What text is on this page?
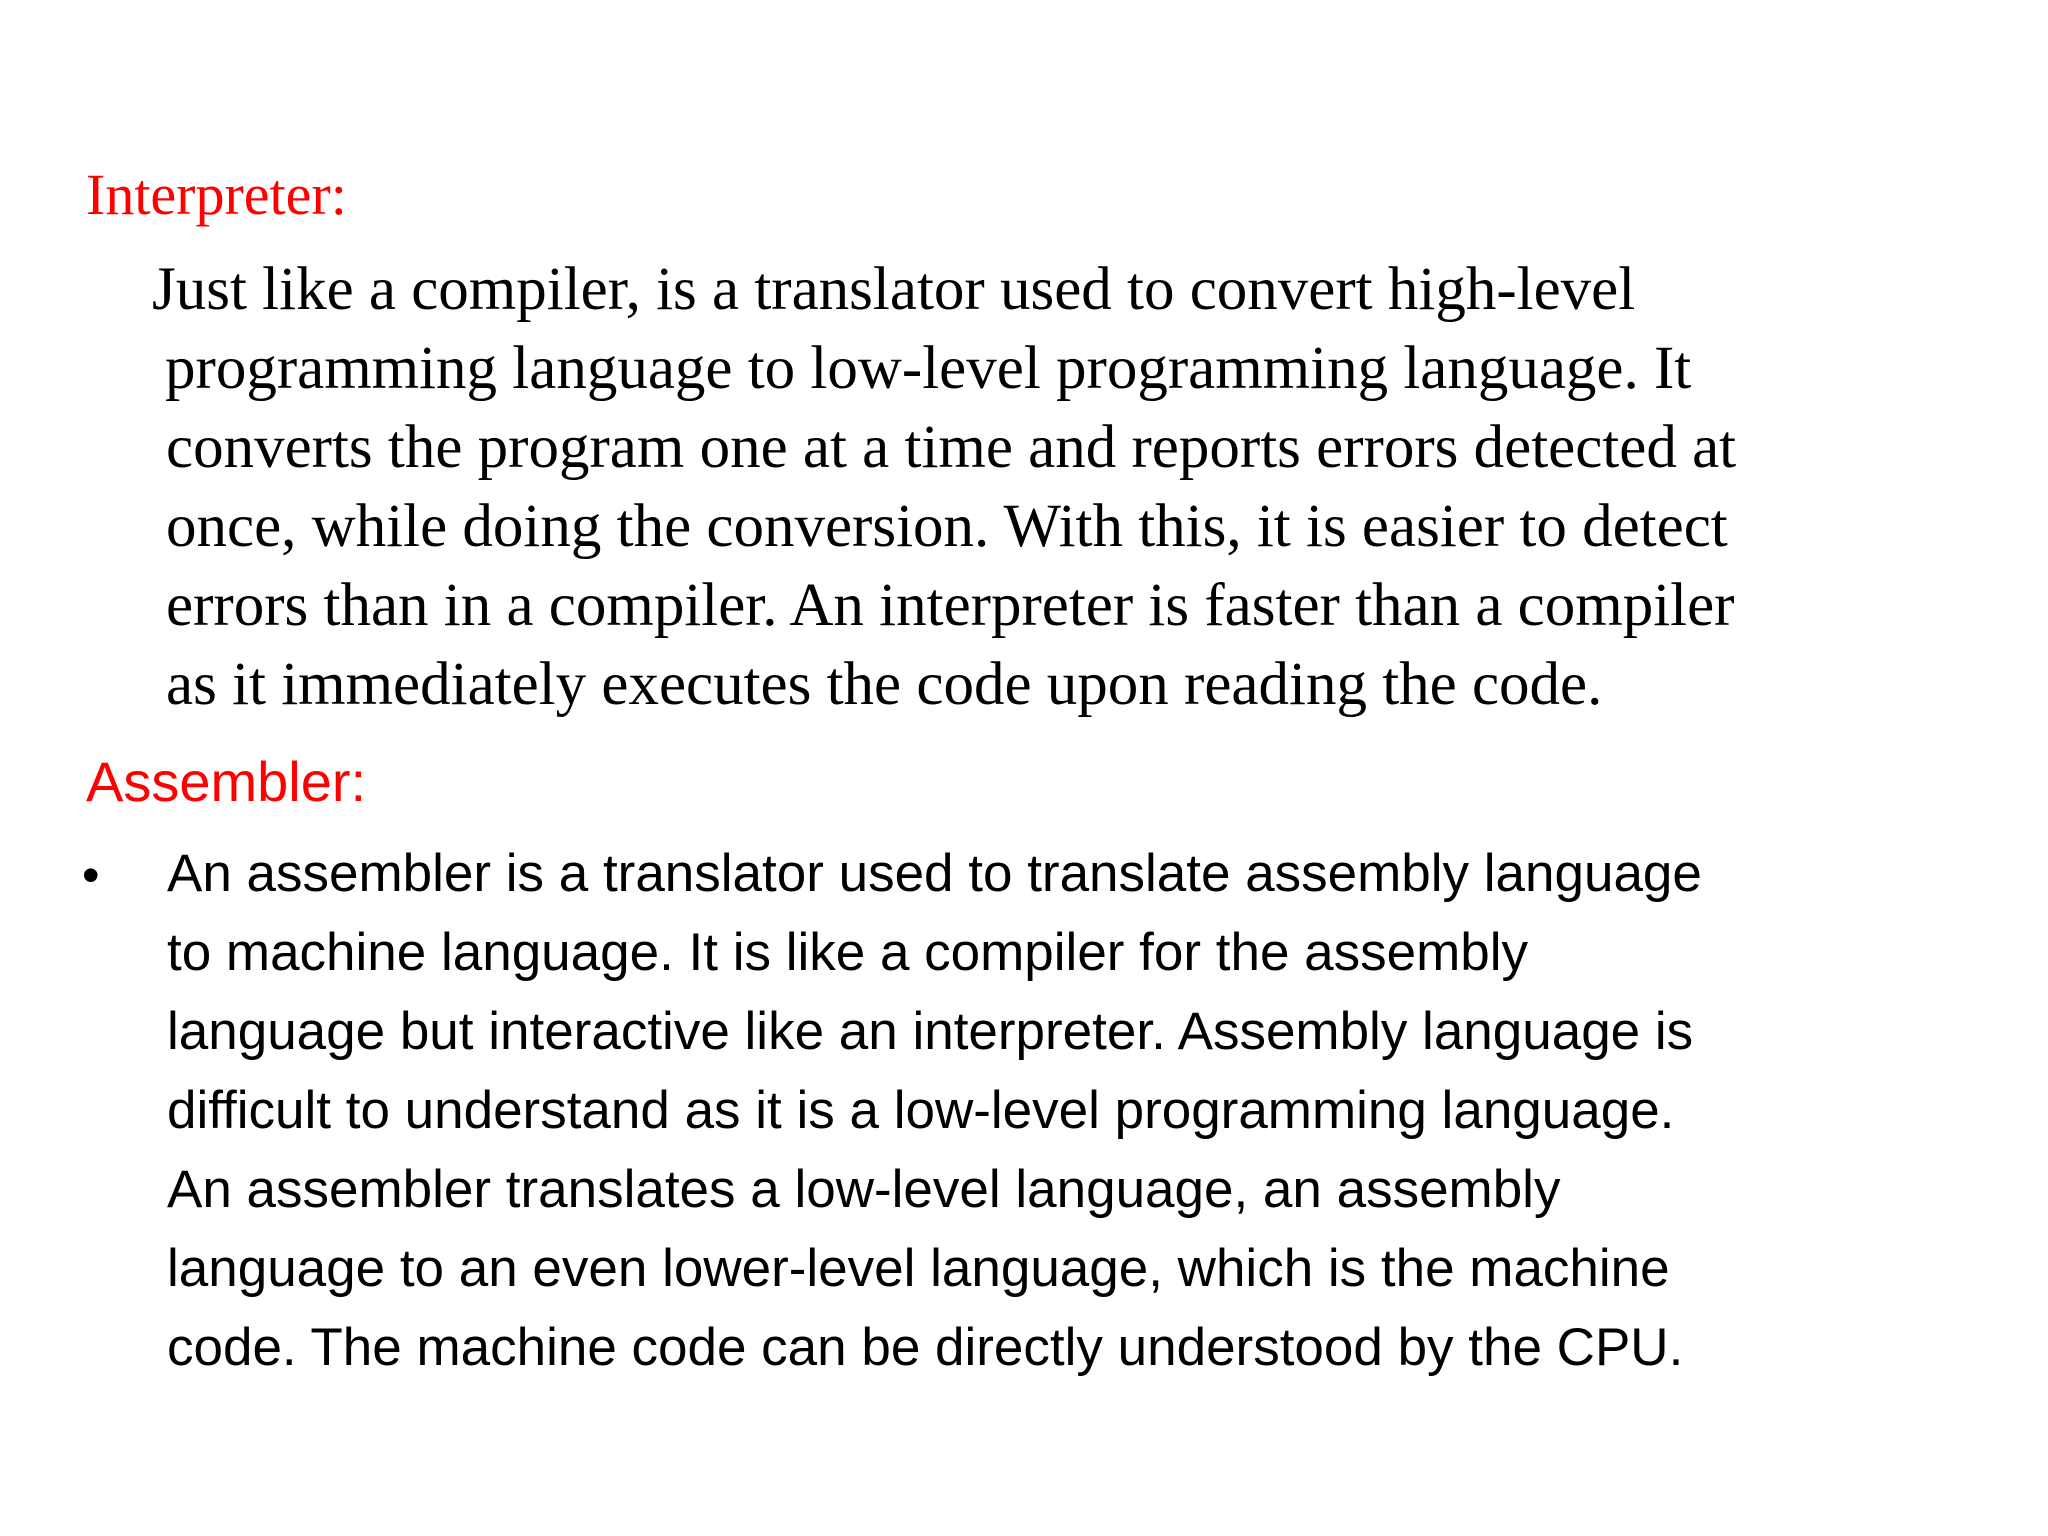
Interpreter:
Just like a compiler, is a translator used to convert high-level
programming language to low-level programming language. It
converts the program one at a time and reports errors detected at
once, while doing the conversion. With this, it is easier to detect
errors than in a compiler. An interpreter is faster than a compiler
as it immediately executes the code upon reading the code.
Assembler:
• An assembler is a translator used to translate assembly language
to machine language. It is like a compiler for the assembly
language but interactive like an interpreter. Assembly language is
difficult to understand as it is a low-level programming language.
An assembler translates a low-level language, an assembly
language to an even lower-level language, which is the machine
code. The machine code can be directly understood by the CPU.
